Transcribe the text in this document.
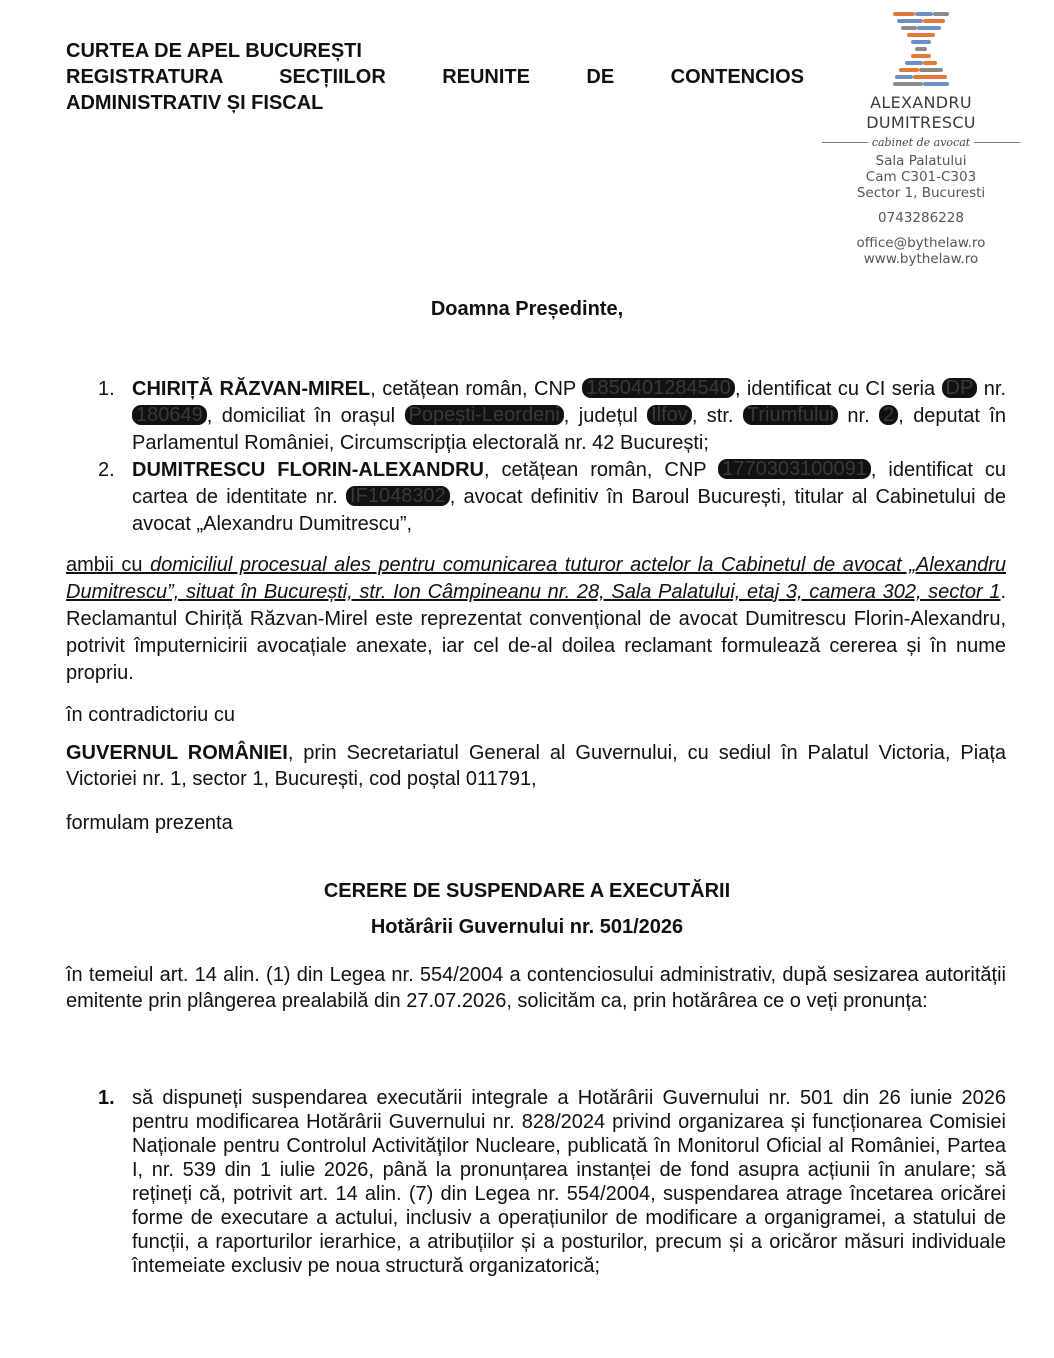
CURTEA DE APEL BUCUREȘTI
REGISTRATURA SECȚIILOR REUNITE DE CONTENCIOS
ADMINISTRATIV ȘI FISCAL	ALEXANDRU
DUMITRESCU
cabinet de avocat
Sala Palatului
Cam C301-C303
Sector 1, Bucuresti
0743286228
office@bythelaw.ro
www.bythelaw.ro
Doamna Președinte,
1. CHIRIȚĂ RĂZVAN-MIREL, cetățean român, CNP 1850401284540 , identificat cu CI seria DP nr. 180649 , domiciliat în orașul Popești-Leordeni , județul Ilfov , str. Triumfului nr. 2 , deputat în Parlamentul României, Circumscripția electorală nr. 42 București;
2. DUMITRESCU FLORIN-ALEXANDRU, cetățean român, CNP 1770303100091 , identificat cu cartea de identitate nr. IF1048302 , avocat definitiv în Baroul București, titular al Cabinetului de avocat „Alexandru Dumitrescu”,
ambii cu domiciliul procesual ales pentru comunicarea tuturor actelor la Cabinetul de avocat „Alexandru Dumitrescu”, situat în București, str. Ion Câmpineanu nr. 28, Sala Palatului, etaj 3, camera 302, sector 1. Reclamantul Chiriță Răzvan-Mirel este reprezentat convențional de avocat Dumitrescu Florin-Alexandru, potrivit împuternicirii avocațiale anexate, iar cel de-al doilea reclamant formulează cererea și în nume propriu.
în contradictoriu cu
GUVERNUL ROMÂNIEI, prin Secretariatul General al Guvernului, cu sediul în Palatul Victoria, Piața Victoriei nr. 1, sector 1, București, cod poștal 011791,
formulam prezenta
CERERE DE SUSPENDARE A EXECUTĂRII
Hotărârii Guvernului nr. 501/2026
în temeiul art. 14 alin. (1) din Legea nr. 554/2004 a contenciosului administrativ, după sesizarea autorității emitente prin plângerea prealabilă din 27.07.2026, solicităm ca, prin hotărârea ce o veți pronunța:
1. să dispuneți suspendarea executării integrale a Hotărârii Guvernului nr. 501 din 26 iunie 2026 pentru modificarea Hotărârii Guvernului nr. 828/2024 privind organizarea și funcționarea Comisiei Naționale pentru Controlul Activităților Nucleare, publicată în Monitorul Oficial al României, Partea I, nr. 539 din 1 iulie 2026, până la pronunțarea instanței de fond asupra acțiunii în anulare; să rețineți că, potrivit art. 14 alin. (7) din Legea nr. 554/2004, suspendarea atrage încetarea oricărei forme de executare a actului, inclusiv a operațiunilor de modificare a organigramei, a statului de funcții, a raporturilor ierarhice, a atribuțiilor și a posturilor, precum și a oricăror măsuri individuale întemeiate exclusiv pe noua structură organizatorică;
